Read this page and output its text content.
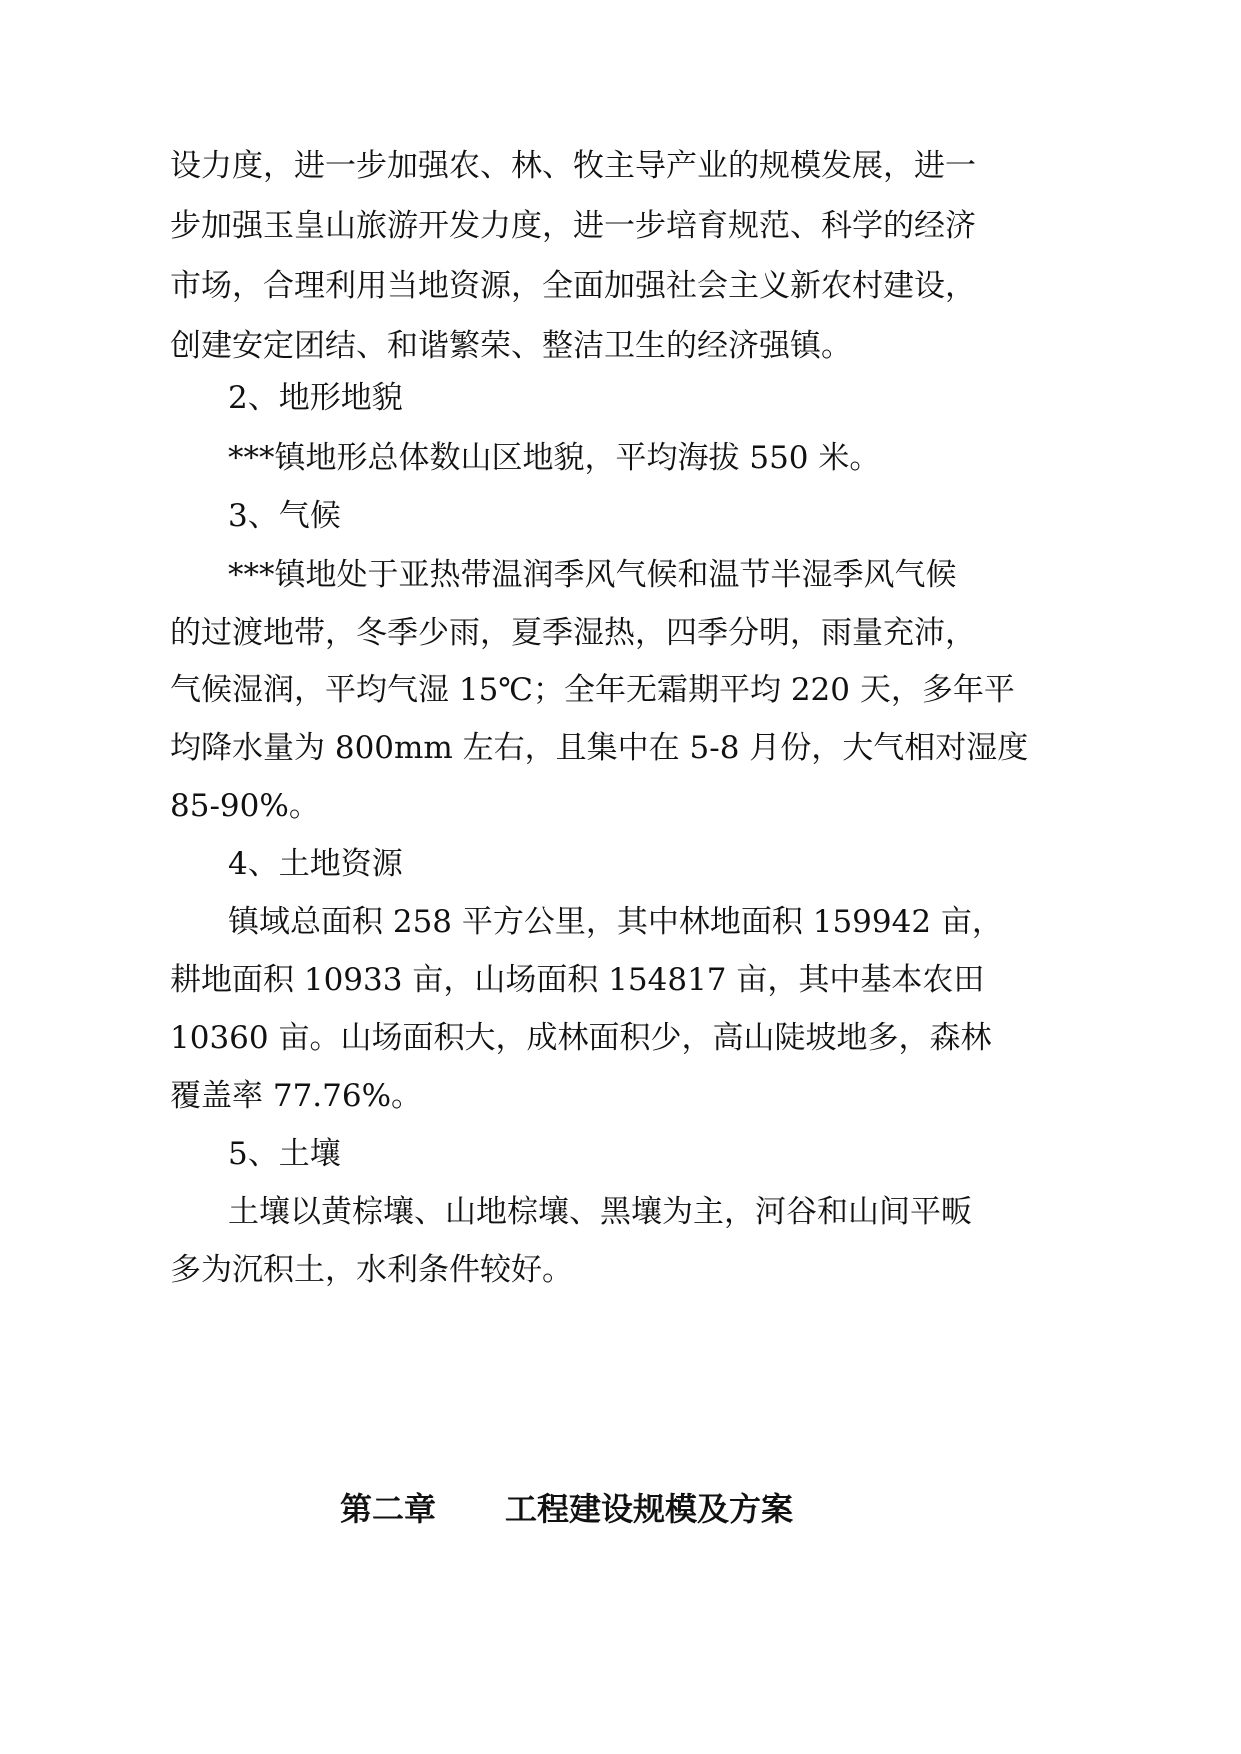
设力度，进一步加强农、林、牧主导产业的规模发展，进一
步加强玉皇山旅游开发力度，进一步培育规范、科学的经济
市场，合理利用当地资源，全面加强社会主义新农村建设，
创建安定团结、和谐繁荣、整洁卫生的经济强镇。
2、地形地貌
***镇地形总体数山区地貌，平均海拔 550 米。
3、气候
***镇地处于亚热带温润季风气候和温节半湿季风气候
的过渡地带，冬季少雨，夏季湿热，四季分明，雨量充沛，
气候湿润，平均气湿 15℃；全年无霜期平均 220 天，多年平
均降水量为 800mm 左右，且集中在 5-8 月份，大气相对湿度
85-90%。
4、土地资源
镇域总面积 258 平方公里，其中林地面积 159942 亩，
耕地面积 10933 亩，山场面积 154817 亩，其中基本农田
10360 亩。山场面积大，成林面积少，高山陡坡地多，森林
覆盖率 77.76%。
5、土壤
土壤以黄棕壤、山地棕壤、黑壤为主，河谷和山间平畈
多为沉积土，水利条件较好。
第二章 工程建设规模及方案
